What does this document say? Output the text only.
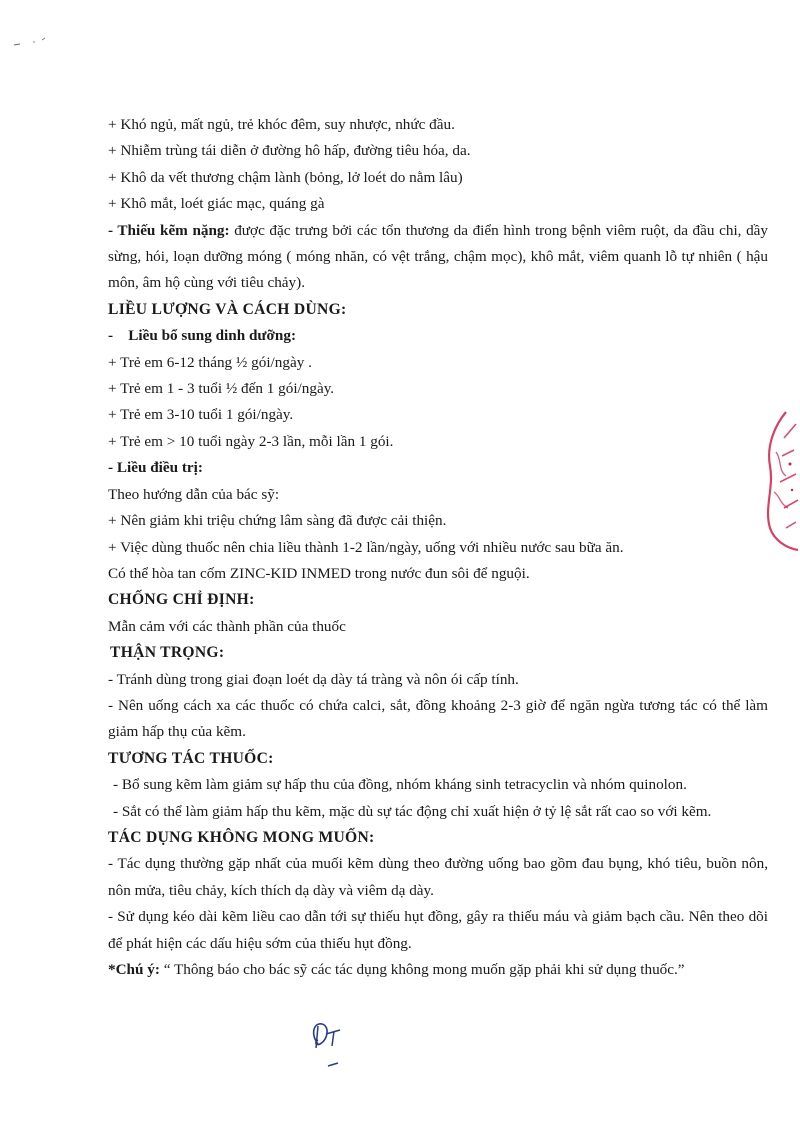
+ Khó ngủ, mất ngủ, trẻ khóc đêm, suy nhược, nhức đầu.
+ Nhiễm trùng tái diễn ở đường hô hấp, đường tiêu hóa, da.
+ Khô da vết thương chậm lành (bỏng, lở loét do nằm lâu)
+ Khô mắt, loét giác mạc, quáng gà
- Thiếu kẽm nặng: được đặc trưng bởi các tổn thương da điển hình trong bệnh viêm ruột, da đầu chi, dầy sừng, hói, loạn dưỡng móng ( móng nhăn, có vệt trắng, chậm mọc), khô mắt, viêm quanh lỗ tự nhiên ( hậu môn, âm hộ cùng với tiêu chảy).
LIỀU LƯỢNG VÀ CÁCH DÙNG:
-    Liều bổ sung dinh dưỡng:
+ Trẻ em 6-12 tháng ½ gói/ngày .
+ Trẻ em 1 - 3 tuổi ½ đến 1 gói/ngày.
+ Trẻ em 3-10 tuổi 1 gói/ngày.
+ Trẻ em > 10 tuổi ngày 2-3 lần, mỗi lần 1 gói.
- Liều điều trị:
Theo hướng dẫn của bác sỹ:
+ Nên giảm khi triệu chứng lâm sàng đã được cải thiện.
+ Việc dùng thuốc nên chia liều thành 1-2 lần/ngày, uống với nhiều nước sau bữa ăn.
Có thể hòa tan cốm ZINC-KID INMED trong nước đun sôi để nguội.
CHỐNG CHỈ ĐỊNH:
Mẫn cảm với các thành phần của thuốc
THẬN TRỌNG:
- Tránh dùng trong giai đoạn loét dạ dày tá tràng và nôn ói cấp tính.
- Nên uống cách xa các thuốc có chứa calci, sắt, đồng khoảng 2-3 giờ để ngăn ngừa tương tác có thể làm giảm hấp thụ của kẽm.
TƯƠNG TÁC THUỐC:
- Bổ sung kẽm làm giảm sự hấp thu của đồng, nhóm kháng sinh tetracyclin và nhóm quinolon.
- Sắt có thể làm giảm hấp thu kẽm, mặc dù sự tác động chỉ xuất hiện ở tỷ lệ sắt rất cao so với kẽm.
TÁC DỤNG KHÔNG MONG MUỐN:
- Tác dụng thường gặp nhất của muối kẽm dùng theo đường uống bao gồm đau bụng, khó tiêu, buồn nôn, nôn mửa, tiêu chảy, kích thích dạ dày và viêm dạ dày.
- Sử dụng kéo dài kẽm liều cao dẫn tới sự thiếu hụt đồng, gây ra thiếu máu và giảm bạch cầu. Nên theo dõi để phát hiện các dấu hiệu sớm của thiếu hụt đồng.
*Chú ý: “ Thông báo cho bác sỹ các tác dụng không mong muốn gặp phải khi sử dụng thuốc.”
